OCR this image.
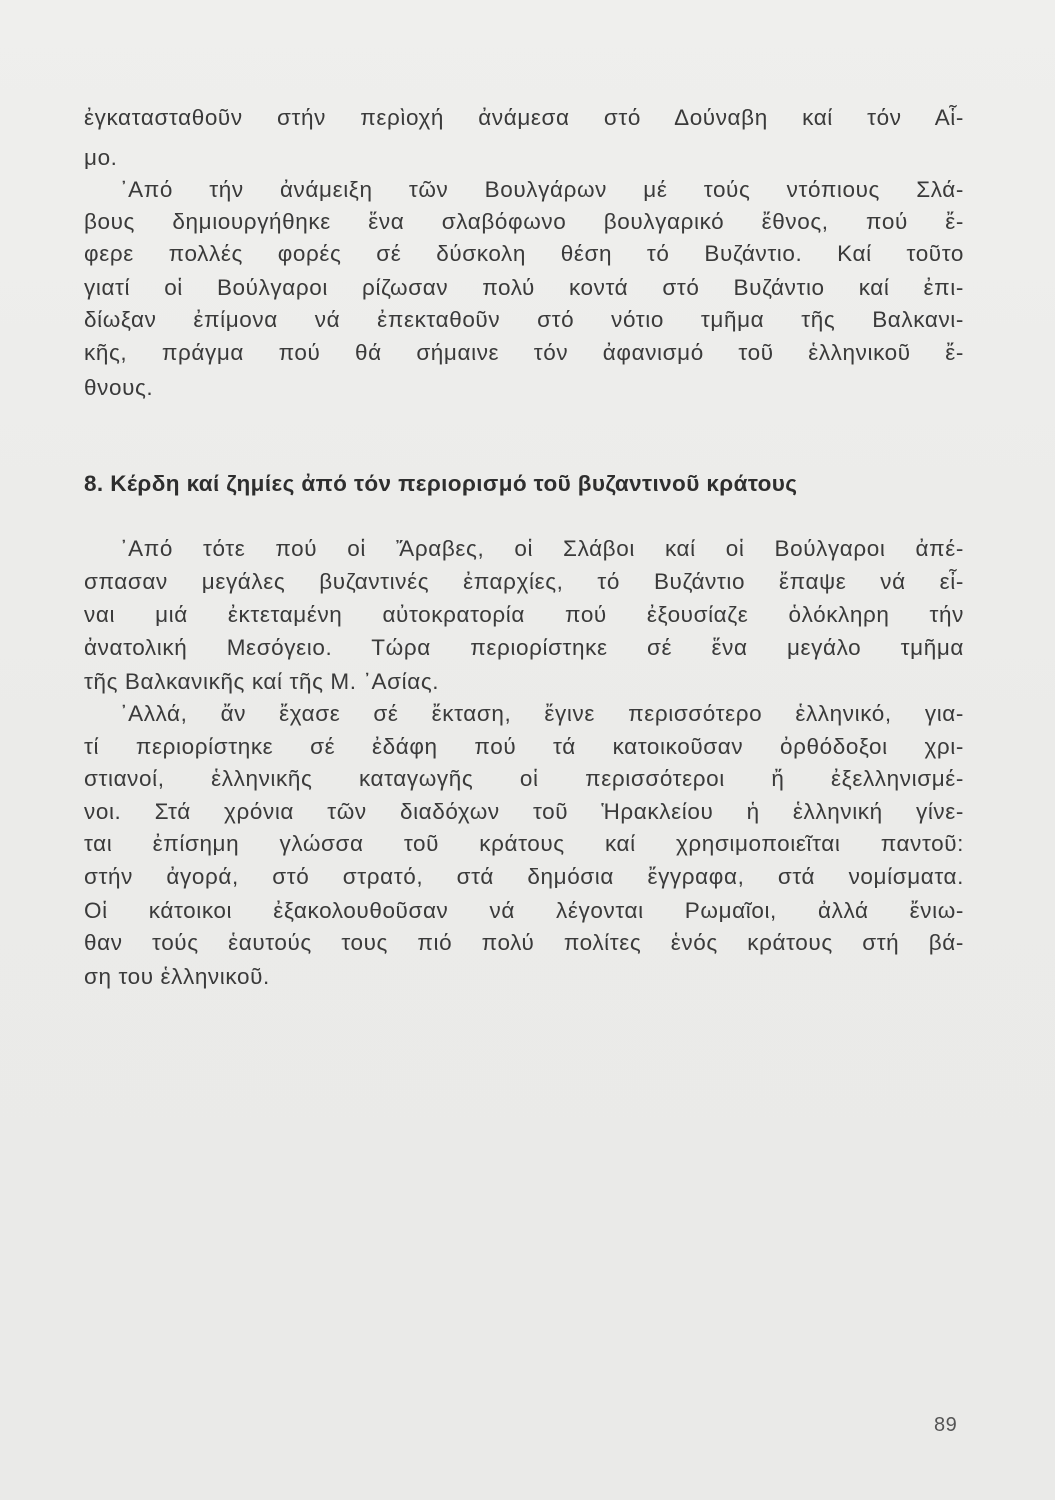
ἐγκατασταθοῦν στήν περὶοχή ἀνάμεσα στό Δούναβη καί τόν Αἷ-
μο.
᾿Από τήν ἀνάμειξη τῶν Βουλγάρων μέ τούς ντόπιους Σλά-
βους δημιουργήθηκε ἕνα σλαβόφωνο βουλγαρικό ἔθνος, πού ἔ-
φερε πολλές φορές σέ δύσκολη θέση τό Βυζάντιο. Καί τοῦτο
γιατί οἱ Βούλγαροι ρίζωσαν πολύ κοντά στό Βυζάντιο καί ἐπι-
δίωξαν ἐπίμονα νά ἐπεκταθοῦν στό νότιο τμῆμα τῆς Βαλκανι-
κῆς, πράγμα πού θά σήμαινε τόν ἀφανισμό τοῦ ἑλληνικοῦ ἔ-
θνους.
8. Κέρδη καί ζημίες ἀπό τόν περιορισμό τοῦ βυζαντινοῦ κράτους
᾿Από τότε πού οἱ Ἄραβες, οἱ Σλάβοι καί οἱ Βούλγαροι ἀπέ-
σπασαν μεγάλες βυζαντινές ἐπαρχίες, τό Βυζάντιο ἔπαψε νά εἶ-
ναι μιά ἐκτεταμένη αὐτοκρατορία πού ἐξουσίαζε ὁλόκληρη τήν
ἀνατολική Μεσόγειο. Τώρα περιορίστηκε σέ ἕνα μεγάλο τμῆμα
τῆς Βαλκανικῆς καί τῆς Μ. ᾿Ασίας.
᾿Αλλά, ἄν ἔχασε σέ ἔκταση, ἔγινε περισσότερο ἑλληνικό, για-
τί περιορίστηκε σέ ἐδάφη πού τά κατοικοῦσαν ὀρθόδοξοι χρι-
στιανοί, ἑλληνικῆς καταγωγῆς οἱ περισσότεροι ἤ ἐξελληνισμέ-
νοι. Στά χρόνια τῶν διαδόχων τοῦ Ἡρακλείου ἡ ἑλληνική γίνε-
ται ἐπίσημη γλώσσα τοῦ κράτους καί χρησιμοποιεῖται παντοῦ:
στήν ἀγορά, στό στρατό, στά δημόσια ἔγγραφα, στά νομίσματα.
Οἱ κάτοικοι ἐξακολουθοῦσαν νά λέγονται Ρωμαῖοι, ἀλλά ἔνιω-
θαν τούς ἑαυτούς τους πιό πολύ πολίτες ἑνός κράτους στή βά-
ση του ἑλληνικοῦ.
89
